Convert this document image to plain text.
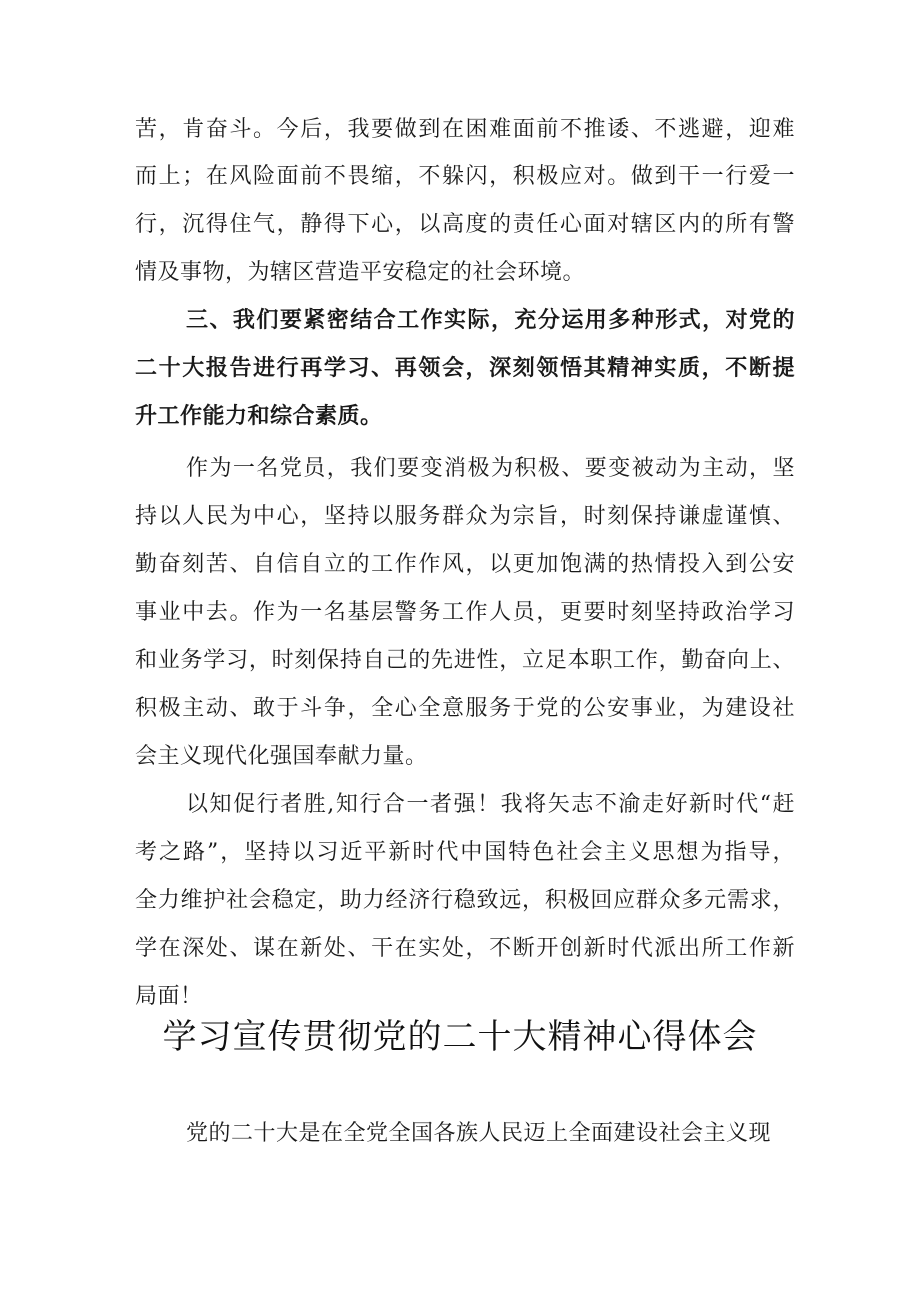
苦，肯奋斗。今后，我要做到在困难面前不推诿、不逃避，迎难
而上；在风险面前不畏缩，不躲闪，积极应对。做到干一行爱一
行，沉得住气，静得下心，以高度的责任心面对辖区内的所有警
情及事物，为辖区营造平安稳定的社会环境。
三、我们要紧密结合工作实际，充分运用多种形式，对党的
二十大报告进行再学习、再领会，深刻领悟其精神实质，不断提
升工作能力和综合素质。
作为一名党员，我们要变消极为积极、要变被动为主动，坚
持以人民为中心，坚持以服务群众为宗旨，时刻保持谦虚谨慎、
勤奋刻苦、自信自立的工作作风，以更加饱满的热情投入到公安
事业中去。作为一名基层警务工作人员，更要时刻坚持政治学习
和业务学习，时刻保持自己的先进性，立足本职工作，勤奋向上、
积极主动、敢于斗争，全心全意服务于党的公安事业，为建设社
会主义现代化强国奉献力量。
以知促行者胜,知行合一者强！我将矢志不渝走好新时代“赶
考之路”，坚持以习近平新时代中国特色社会主义思想为指导，
全力维护社会稳定，助力经济行稳致远，积极回应群众多元需求，
学在深处、谋在新处、干在实处，不断开创新时代派出所工作新
局面！
学习宣传贯彻党的二十大精神心得体会
党的二十大是在全党全国各族人民迈上全面建设社会主义现
